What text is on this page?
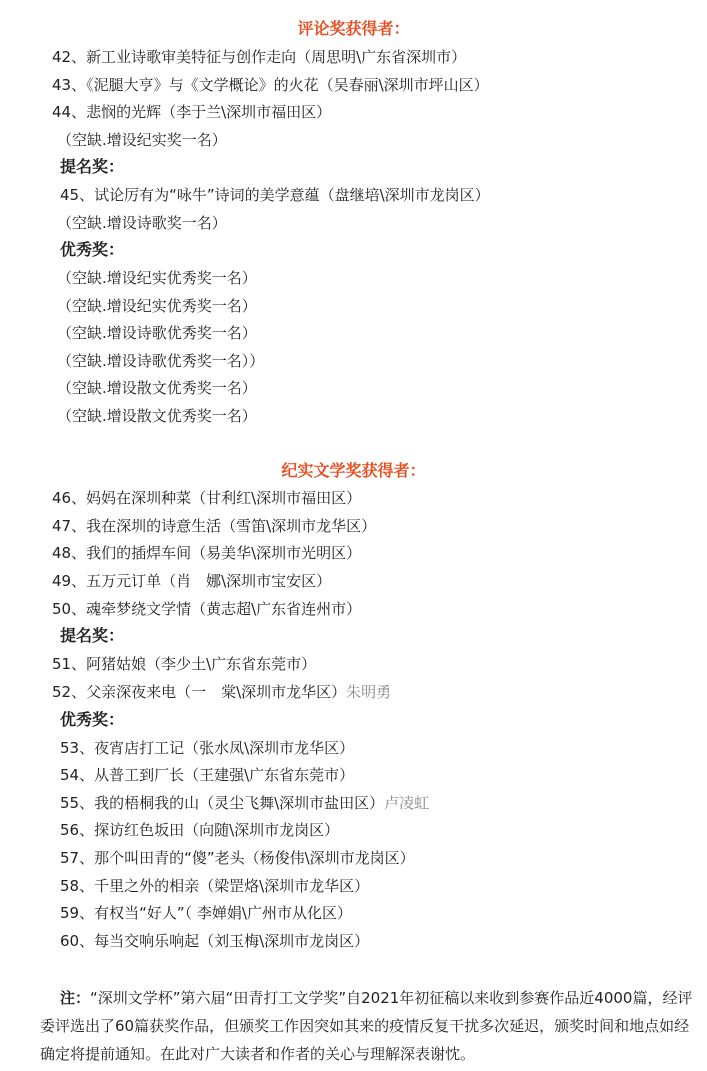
评论奖获得者：
42、新工业诗歌审美特征与创作走向（周思明\广东省深圳市）
43、《泥腿大亨》与《文学概论》的火花（吴春丽\深圳市坪山区）
44、悲悯的光辉（李于兰\深圳市福田区）
（空缺.增设纪实奖一名）
提名奖：
45、试论厉有为“咏牛”诗词的美学意蕴（盘继培\深圳市龙岗区）
（空缺.增设诗歌奖一名）
优秀奖：
（空缺.增设纪实优秀奖一名）
（空缺.增设纪实优秀奖一名）
（空缺.增设诗歌优秀奖一名）
（空缺.增设诗歌优秀奖一名））
（空缺.增设散文优秀奖一名）
（空缺.增设散文优秀奖一名）
纪实文学奖获得者：
46、妈妈在深圳种菜（甘利红\深圳市福田区）
47、我在深圳的诗意生活（雪笛\深圳市龙华区）
48、我们的插焊车间（易美华\深圳市光明区）
49、五万元订单（肖　娜\深圳市宝安区）
50、魂牵梦绕文学情（黄志超\广东省连州市）
提名奖：
51、阿猪姑娘（李少土\广东省东莞市）
52、父亲深夜来电（一　棠\深圳市龙华区）朱明勇
优秀奖：
53、夜宵店打工记（张水凤\深圳市龙华区）
54、从普工到厂长（王建强\广东省东莞市）
55、我的梧桐我的山（灵尘飞舞\深圳市盐田区）卢凌虹
56、探访红色坂田（向随\深圳市龙岗区）
57、那个叫田青的“傻”老头（杨俊伟\深圳市龙岗区）
58、千里之外的相亲（梁罡烙\深圳市龙华区）
59、有权当“好人”（ 李婵娟\广州市从化区）
60、每当交响乐响起（刘玉梅\深圳市龙岗区）
注：“深圳文学杯”第六届“田青打工文学奖”自2021年初征稿以来收到参赛作品近4000篇，经评委评选出了60篇获奖作品，但颁奖工作因突如其来的疫情反复干扰多次延迟，颁奖时间和地点如经确定将提前通知。在此对广大读者和作者的关心与理解深表谢忱。
